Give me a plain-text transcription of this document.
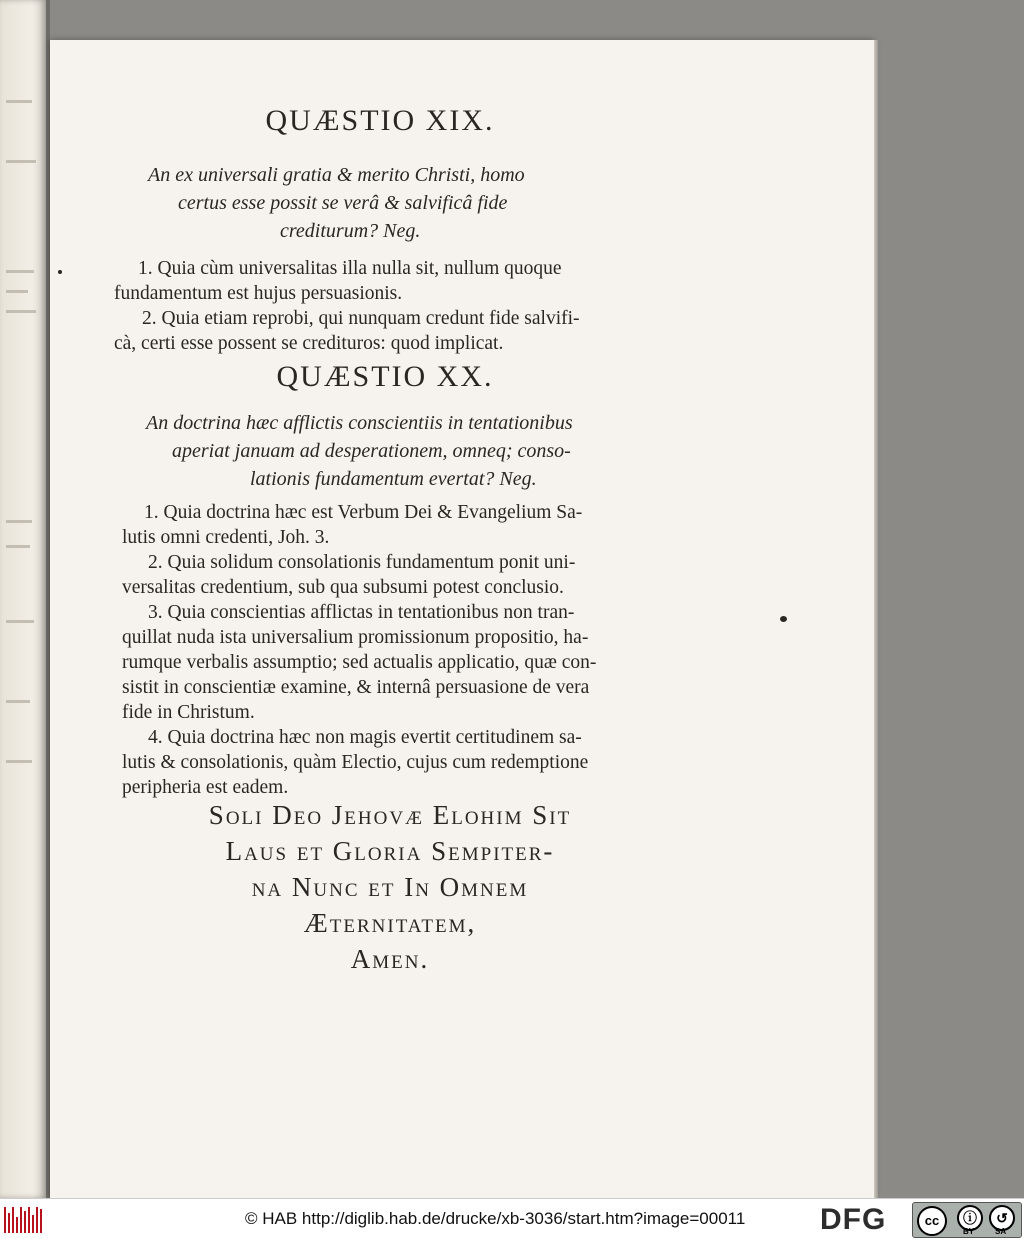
QUÆSTIO XIX.
An ex universali gratia & merito Christi, homo
certus esse possit se verâ & salvificâ fide
crediturum? Neg.
1. Quia cùm universalitas illa nulla sit, nullum quoque
fundamentum est hujus persuasionis.
2. Quia etiam reprobi, qui nunquam credunt fide salvifi-
cà, certi esse possent se credituros: quod implicat.
QUÆSTIO XX.
An doctrina hæc afflictis conscientiis in tentationibus
aperiat januam ad desperationem, omneq; conso-
lationis fundamentum evertat? Neg.
1. Quia doctrina hæc est Verbum Dei & Evangelium Sa-
lutis omni credenti, Joh. 3.
2. Quia solidum consolationis fundamentum ponit uni-
versalitas credentium, sub qua subsumi potest conclusio.
3. Quia conscientias afflictas in tentationibus non tran-
quillat nuda ista universalium promissionum propositio, ha-
rumque verbalis assumptio; sed actualis applicatio, quæ con-
sistit in conscientiæ examine, & internâ persuasione de vera
fide in Christum.
4. Quia doctrina hæc non magis evertit certitudinem sa-
lutis & consolationis, quàm Electio, cujus cum redemptione
peripheria est eadem.
Soli Deo Jehovæ Elohim Sit
Laus et Gloria Sempiter-
na Nunc et In Omnem
Æternitatem,
Amen.
© HAB http://diglib.hab.de/drucke/xb-3036/start.htm?image=00011 DFG	cc	ⓘ	↺
BY	SA
